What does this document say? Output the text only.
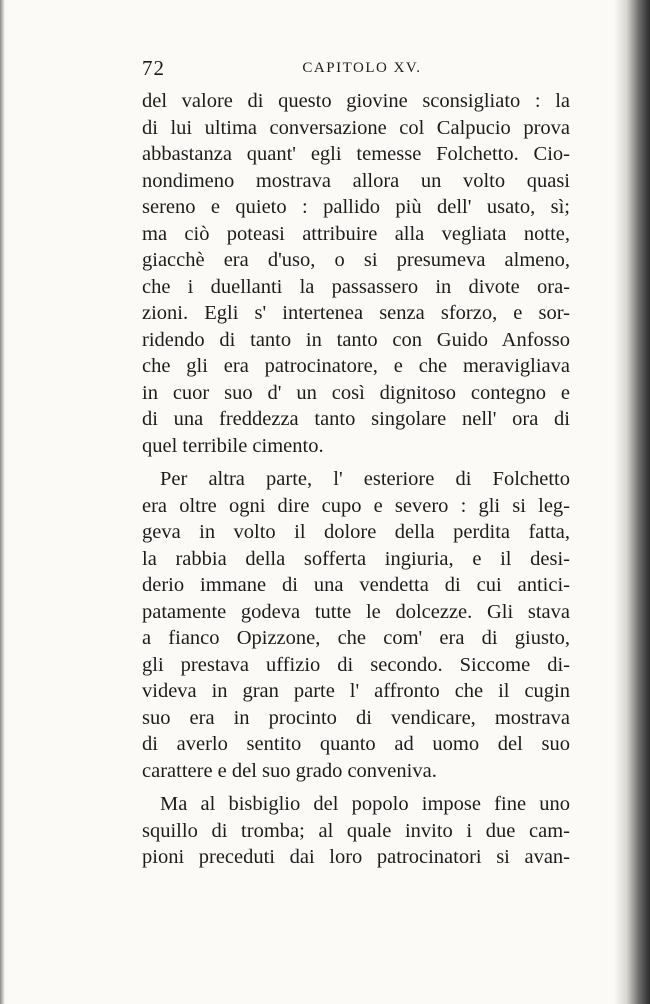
72	CAPITOLO XV.
del valore di questo giovine sconsigliato : la
di lui ultima conversazione col Calpucio prova
abbastanza quant' egli temesse Folchetto. Cio-
nondimeno mostrava allora un volto quasi
sereno e quieto : pallido più dell' usato, sì;
ma ciò poteasi attribuire alla vegliata notte,
giacchè era d'uso, o si presumeva almeno,
che i duellanti la passassero in divote ora-
zioni. Egli s' intertenea senza sforzo, e sor-
ridendo di tanto in tanto con Guido Anfosso
che gli era patrocinatore, e che meravigliava
in cuor suo d' un così dignitoso contegno e
di una freddezza tanto singolare nell' ora di
quel terribile cimento.
Per altra parte, l' esteriore di Folchetto
era oltre ogni dire cupo e severo : gli si leg-
geva in volto il dolore della perdita fatta,
la rabbia della sofferta ingiuria, e il desi-
derio immane di una vendetta di cui antici-
patamente godeva tutte le dolcezze. Gli stava
a fianco Opizzone, che com' era di giusto,
gli prestava uffizio di secondo. Siccome di-
videva in gran parte l' affronto che il cugin
suo era in procinto di vendicare, mostrava
di averlo sentito quanto ad uomo del suo
carattere e del suo grado conveniva.
Ma al bisbiglio del popolo impose fine uno
squillo di tromba; al quale invito i due cam-
pioni preceduti dai loro patrocinatori si avan-
